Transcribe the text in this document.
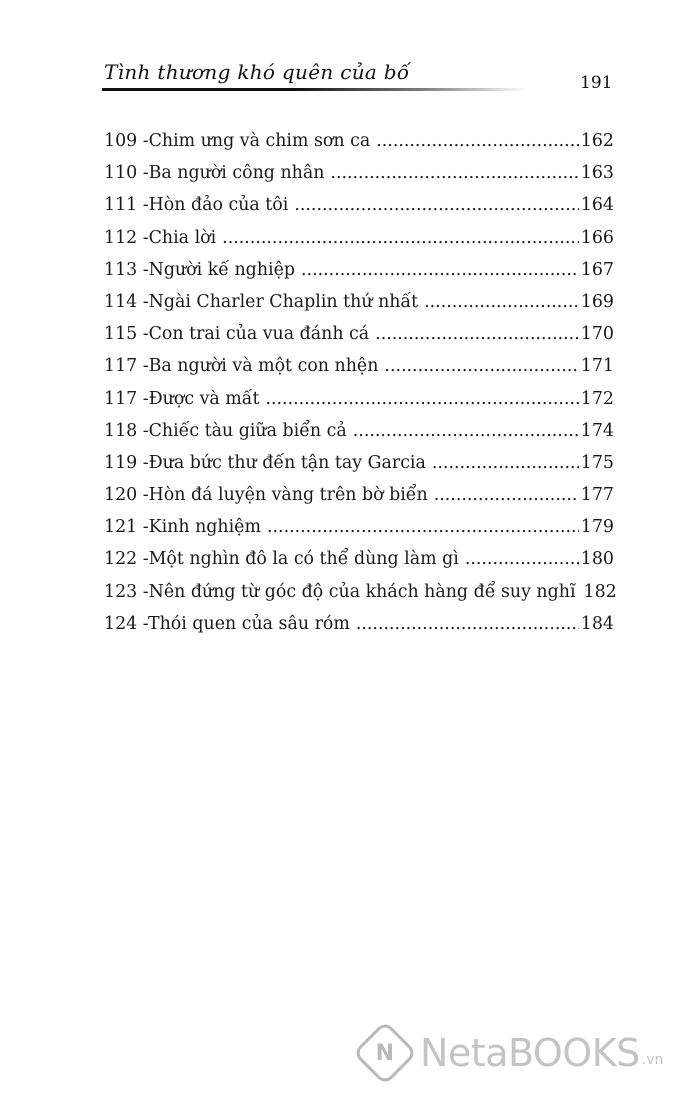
Tình thương khó quên của bố	191
109 -Chim ưng và chim sơn ca .....	162
110 -Ba người công nhân .....	163
111 -Hòn đảo của tôi .....	164
112 -Chia lời .....	166
113 -Người kế nghiệp .....	167
114 -Ngài Charler Chaplin thứ nhất .....	169
115 -Con trai của vua đánh cá .....	170
117 -Ba người và một con nhện .....	171
117 -Được và mất .....	172
118 -Chiếc tàu giữa biển cả .....	174
119 -Đưa bức thư đến tận tay Garcia .....	175
120 -Hòn đá luyện vàng trên bờ biển .....	177
121 -Kinh nghiệm .....	179
122 -Một nghìn đô la có thể dùng làm gì .....	180
123 -Nên đứng từ góc độ của khách hàng để suy nghĩ 182
124 -Thói quen của sâu róm .....	184
N NetaBOOKS .vn
